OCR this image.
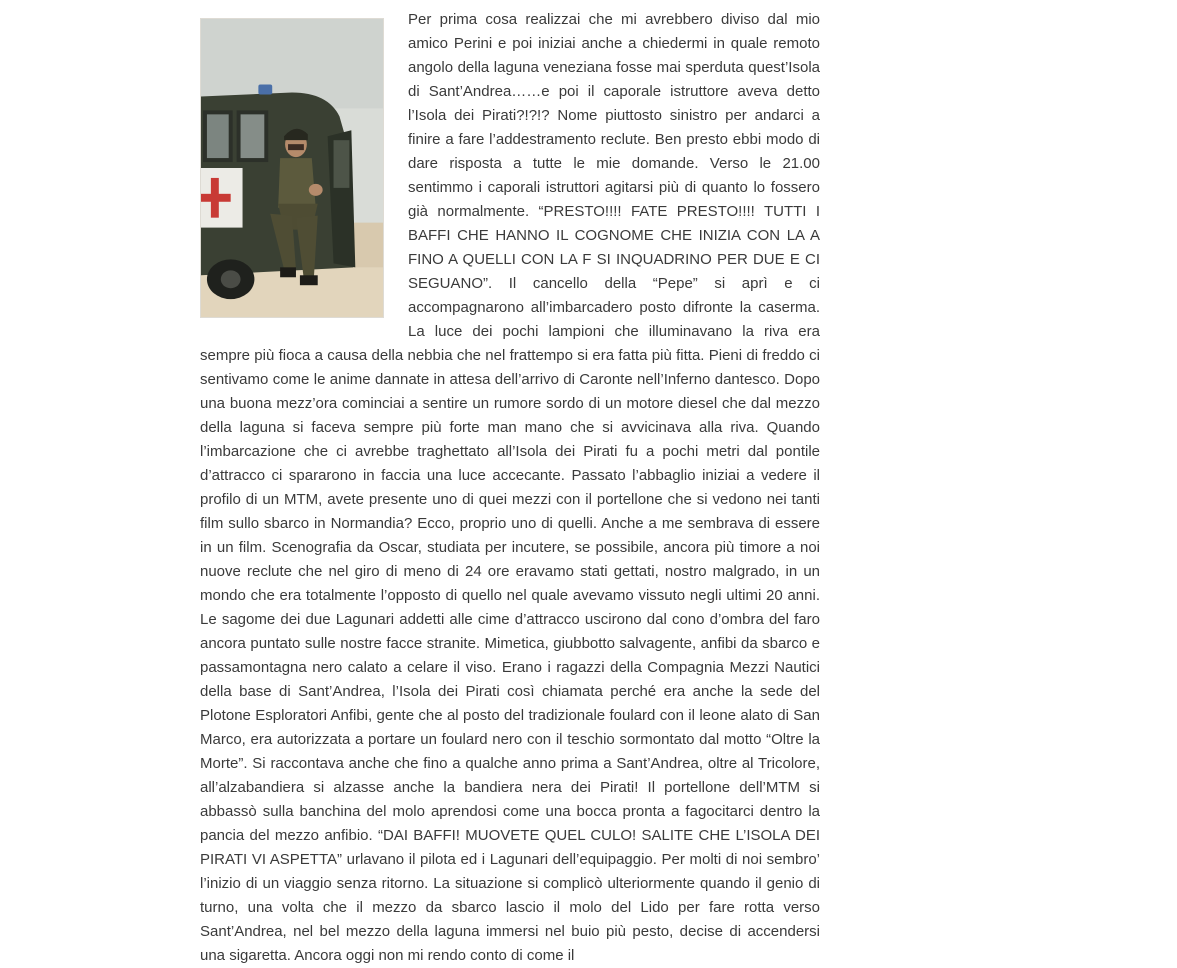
Per prima cosa realizzai che mi avrebbero diviso dal mio amico Perini e poi iniziai anche a chiedermi in quale remoto angolo della laguna veneziana fosse mai sperduta quest’Isola di Sant’Andrea……e poi il caporale istruttore aveva detto l’Isola dei Pirati?!?!? Nome piuttosto sinistro per andarci a finire a fare l’addestramento reclute. Ben presto ebbi modo di dare risposta a tutte le mie domande. Verso le 21.00 sentimmo i caporali istruttori agitarsi più di quanto lo fossero già normalmente. “PRESTO!!!! FATE PRESTO!!!! TUTTI I BAFFI CHE HANNO IL COGNOME CHE INIZIA CON LA A FINO A QUELLI CON LA F SI INQUADRINO PER DUE E CI SEGUANO”. Il cancello della “Pepe” si aprì e ci accompagnarono all’imbarcadero posto difronte la caserma. La luce dei pochi lampioni che illuminavano la riva era sempre più fioca a causa della nebbia che nel frattempo si era fatta più fitta. Pieni di freddo ci sentivamo come le anime dannate in attesa dell’arrivo di Caronte nell’Inferno dantesco. Dopo una buona mezz’ora cominciai a sentire un rumore sordo di un motore diesel che dal mezzo della laguna si faceva sempre più forte man mano che si avvicinava alla riva. Quando l’imbarcazione che ci avrebbe traghettato all’Isola dei Pirati fu a pochi metri dal pontile d’attracco ci spararono in faccia una luce accecante. Passato l’abbaglio iniziai a vedere il profilo di un MTM, avete presente uno di quei mezzi con il portellone che si vedono nei tanti film sullo sbarco in Normandia? Ecco, proprio uno di quelli. Anche a me sembrava di essere in un film. Scenografia da Oscar, studiata per incutere, se possibile, ancora più timore a noi nuove reclute che nel giro di meno di 24 ore eravamo stati gettati, nostro malgrado, in un mondo che era totalmente l’opposto di quello nel quale avevamo vissuto negli ultimi 20 anni. Le sagome dei due Lagunari addetti alle cime d’attracco uscirono dal cono d’ombra del faro ancora puntato sulle nostre facce stranite. Mimetica, giubbotto salvagente, anfibi da sbarco e passamontagna nero calato a celare il viso. Erano i ragazzi della Compagnia Mezzi Nautici della base di Sant’Andrea, l’Isola dei Pirati così chiamata perché era anche la sede del Plotone Esploratori Anfibi, gente che al posto del tradizionale foulard con il leone alato di San Marco, era autorizzata a portare un foulard nero con il teschio sormontato dal motto “Oltre la Morte”. Si raccontava anche che fino a qualche anno prima a Sant’Andrea, oltre al Tricolore, all’alzabandiera si alzasse anche la bandiera nera dei Pirati! Il portellone dell’MTM si abbassò sulla banchina del molo aprendosi come una bocca pronta a fagocitarci dentro la pancia del mezzo anfibio. “DAI BAFFI! MUOVETE QUEL CULO! SALITE CHE L’ISOLA DEI PIRATI VI ASPETTA” urlavano il pilota ed i Lagunari dell’equipaggio. Per molti di noi sembro’ l’inizio di un viaggio senza ritorno. La situazione si complicò ulteriormente quando il genio di turno, una volta che il mezzo da sbarco lascio il molo del Lido per fare rotta verso Sant’Andrea, nel bel mezzo della laguna immersi nel buio più pesto, decise di accendersi una sigaretta. Ancora oggi non mi rendo conto di come il
